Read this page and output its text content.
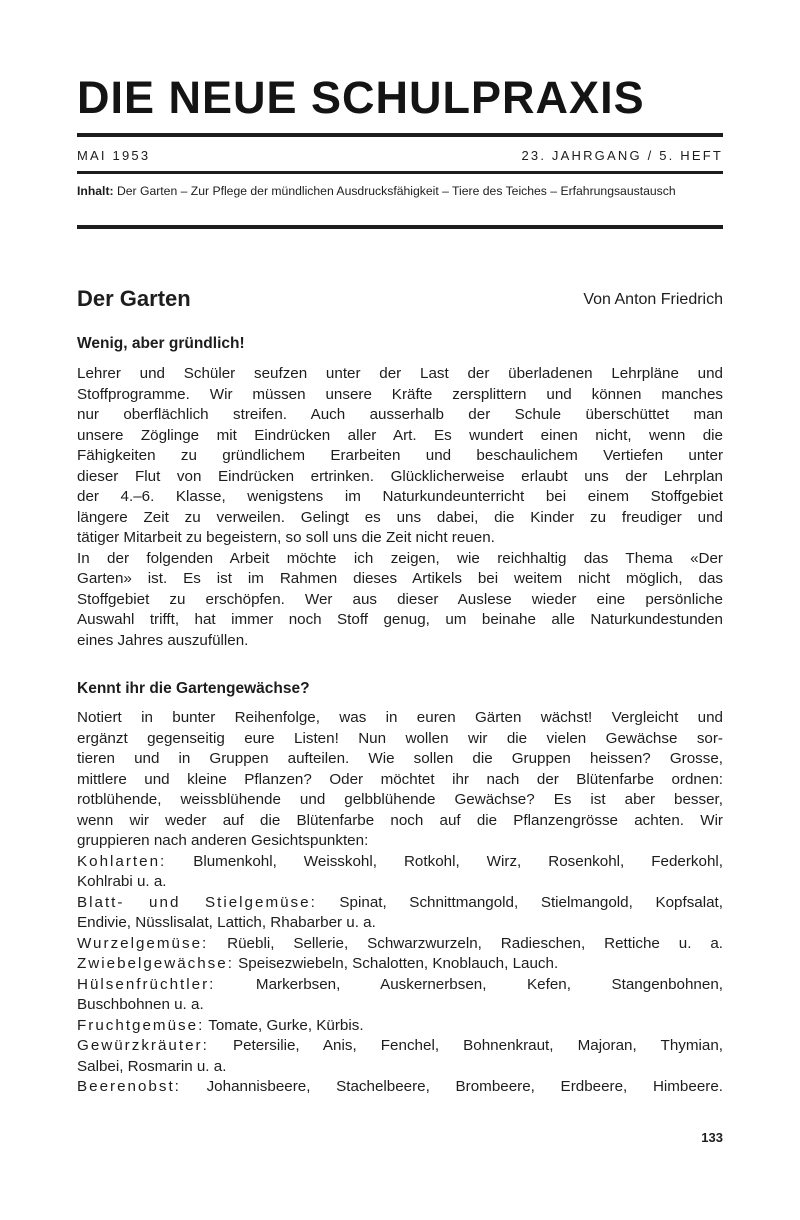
DIE NEUE SCHULPRAXIS
MAI 1953	23. JAHRGANG / 5. HEFT
Inhalt: Der Garten – Zur Pflege der mündlichen Ausdrucksfähigkeit – Tiere des Teiches – Erfahrungsaustausch
Der Garten	Von Anton Friedrich
Wenig, aber gründlich!
Lehrer und Schüler seufzen unter der Last der überladenen Lehrpläne und
Stoffprogramme. Wir müssen unsere Kräfte zersplittern und können manches
nur oberflächlich streifen. Auch ausserhalb der Schule überschüttet man
unsere Zöglinge mit Eindrücken aller Art. Es wundert einen nicht, wenn die
Fähigkeiten zu gründlichem Erarbeiten und beschaulichem Vertiefen unter
dieser Flut von Eindrücken ertrinken. Glücklicherweise erlaubt uns der Lehrplan
der 4.–6. Klasse, wenigstens im Naturkundeunterricht bei einem Stoffgebiet
längere Zeit zu verweilen. Gelingt es uns dabei, die Kinder zu freudiger und
tätiger Mitarbeit zu begeistern, so soll uns die Zeit nicht reuen.
In der folgenden Arbeit möchte ich zeigen, wie reichhaltig das Thema «Der
Garten» ist. Es ist im Rahmen dieses Artikels bei weitem nicht möglich, das
Stoffgebiet zu erschöpfen. Wer aus dieser Auslese wieder eine persönliche
Auswahl trifft, hat immer noch Stoff genug, um beinahe alle Naturkundestunden
eines Jahres auszufüllen.
Kennt ihr die Gartengewächse?
Notiert in bunter Reihenfolge, was in euren Gärten wächst! Vergleicht und
ergänzt gegenseitig eure Listen! Nun wollen wir die vielen Gewächse sor-
tieren und in Gruppen aufteilen. Wie sollen die Gruppen heissen? Grosse,
mittlere und kleine Pflanzen? Oder möchtet ihr nach der Blütenfarbe ordnen:
rotblühende, weissblühende und gelbblühende Gewächse? Es ist aber besser,
wenn wir weder auf die Blütenfarbe noch auf die Pflanzengrösse achten. Wir
gruppieren nach anderen Gesichtspunkten:
Kohlarten: Blumenkohl, Weisskohl, Rotkohl, Wirz, Rosenkohl, Federkohl,
Kohlrabi u. a.
Blatt- und Stielgemüse: Spinat, Schnittmangold, Stielmangold, Kopfsalat,
Endivie, Nüsslisalat, Lattich, Rhabarber u. a.
Wurzelgemüse: Rüebli, Sellerie, Schwarzwurzeln, Radieschen, Rettiche u. a.
Zwiebelgewächse: Speisezwiebeln, Schalotten, Knoblauch, Lauch.
Hülsenfrüchtler: Markerbsen, Auskernerbsen, Kefen, Stangenbohnen,
Buschbohnen u. a.
Fruchtgemüse: Tomate, Gurke, Kürbis.
Gewürzkräuter: Petersilie, Anis, Fenchel, Bohnenkraut, Majoran, Thymian,
Salbei, Rosmarin u. a.
Beerenobst: Johannisbeere, Stachelbeere, Brombeere, Erdbeere, Himbeere.
133
